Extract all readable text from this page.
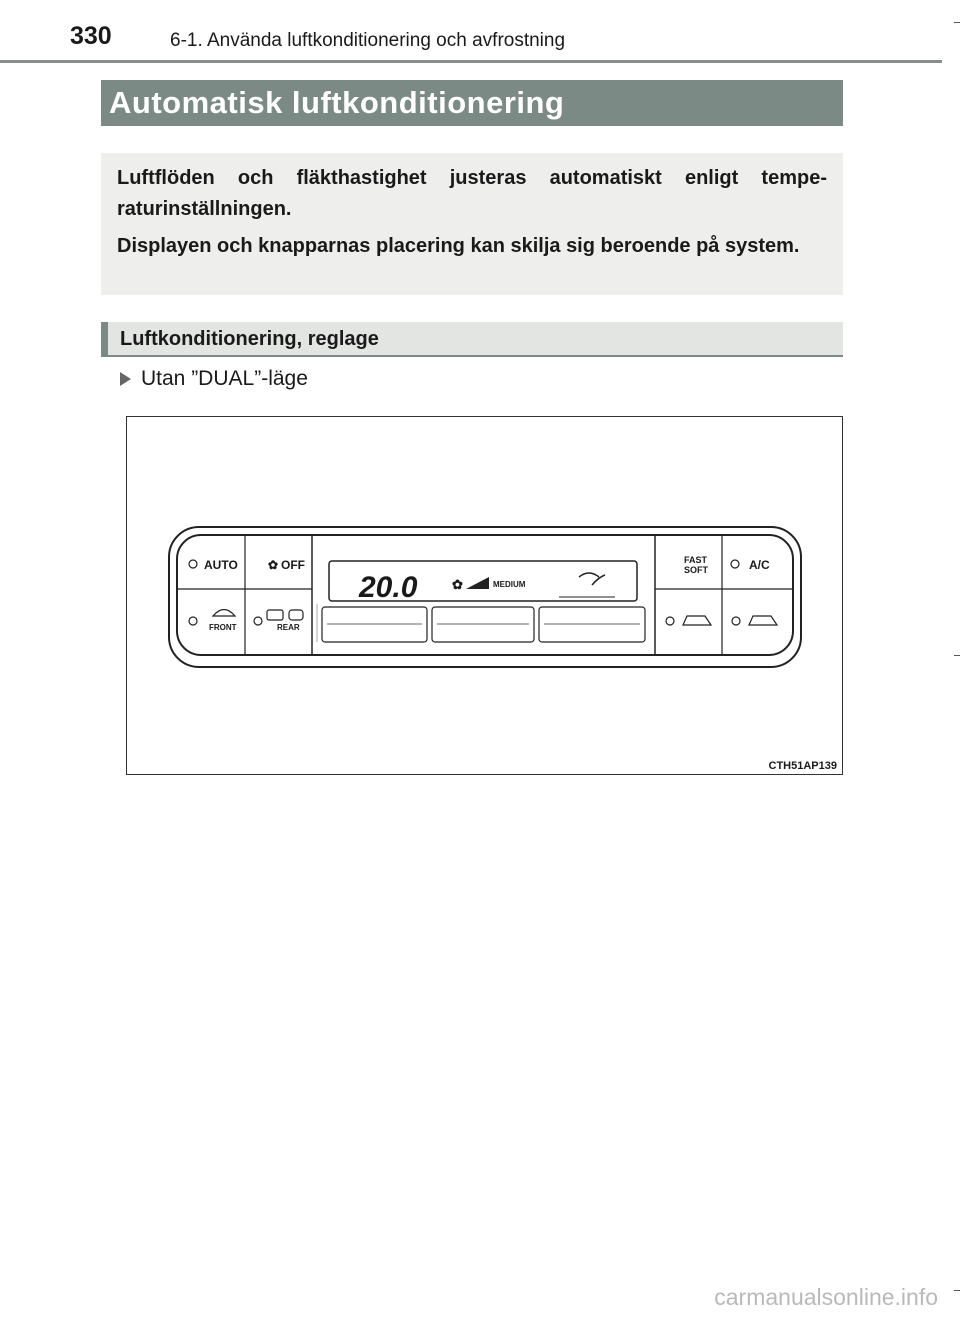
330	6-1. Använda luftkonditionering och avfrostning
Automatisk luftkonditionering

Luftflöden och fläkthastighet justeras automatiskt enligt tempe-raturinställningen.

Displayen och knapparnas placering kan skilja sig beroende på system.

Luftkonditionering, reglage
Utan ”DUAL”-läge
AUTO	✿ OFF
FRONT	REAR
20.0	✿	MEDIUM
FAST
SOFT	A/C
CTH51AP139
carmanualsonline.info
